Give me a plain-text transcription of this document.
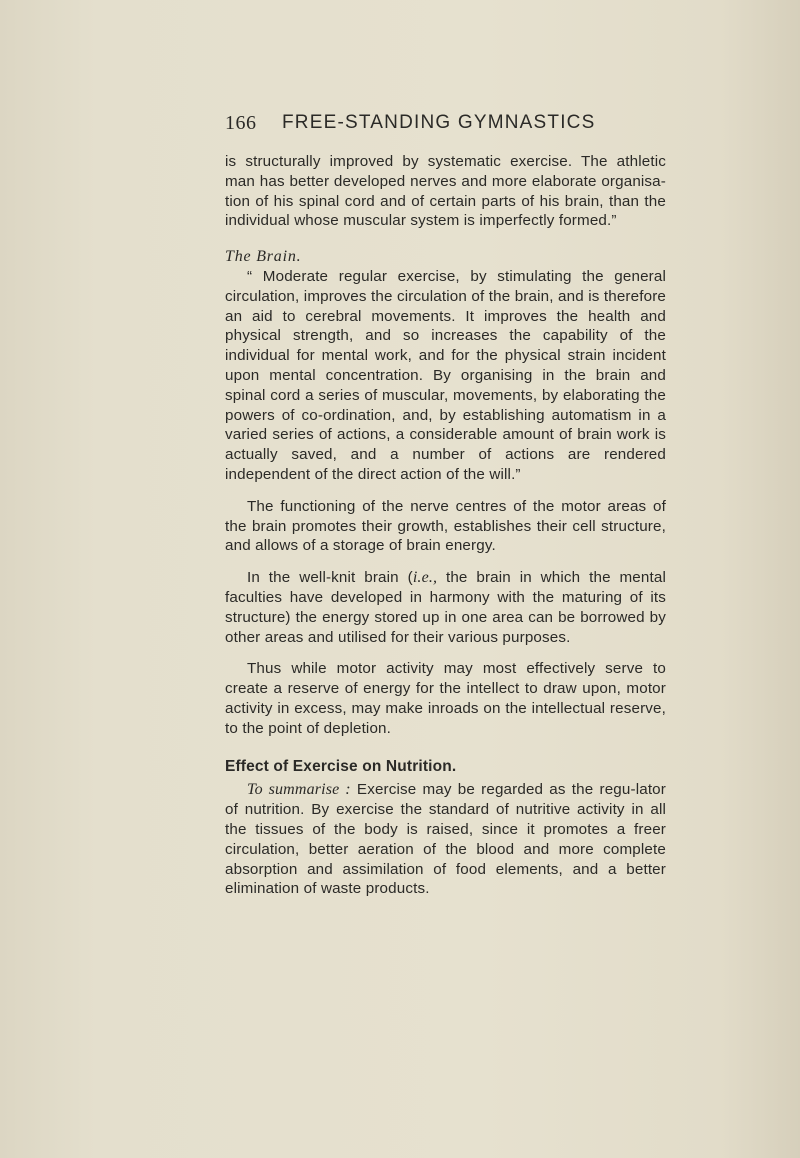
166 FREE-STANDING GYMNASTICS

is structurally improved by systematic exercise. The athletic man has better developed nerves and more elaborate organisa-tion of his spinal cord and of certain parts of his brain, than the individual whose muscular system is imperfectly formed.”

The Brain.

“ Moderate regular exercise, by stimulating the general circulation, improves the circulation of the brain, and is therefore an aid to cerebral movements. It improves the health and physical strength, and so increases the capability of the individual for mental work, and for the physical strain incident upon mental concentration. By organising in the brain and spinal cord a series of muscular, movements, by elaborating the powers of co-ordination, and, by establishing automatism in a varied series of actions, a considerable amount of brain work is actually saved, and a number of actions are rendered independent of the direct action of the will.”

The functioning of the nerve centres of the motor areas of the brain promotes their growth, establishes their cell structure, and allows of a storage of brain energy.

In the well-knit brain (i.e., the brain in which the mental faculties have developed in harmony with the maturing of its structure) the energy stored up in one area can be borrowed by other areas and utilised for their various purposes.

Thus while motor activity may most effectively serve to create a reserve of energy for the intellect to draw upon, motor activity in excess, may make inroads on the intellectual reserve, to the point of depletion.

Effect of Exercise on Nutrition.

To summarise : Exercise may be regarded as the regu-lator of nutrition. By exercise the standard of nutritive activity in all the tissues of the body is raised, since it promotes a freer circulation, better aeration of the blood and more complete absorption and assimilation of food elements, and a better elimination of waste products.
